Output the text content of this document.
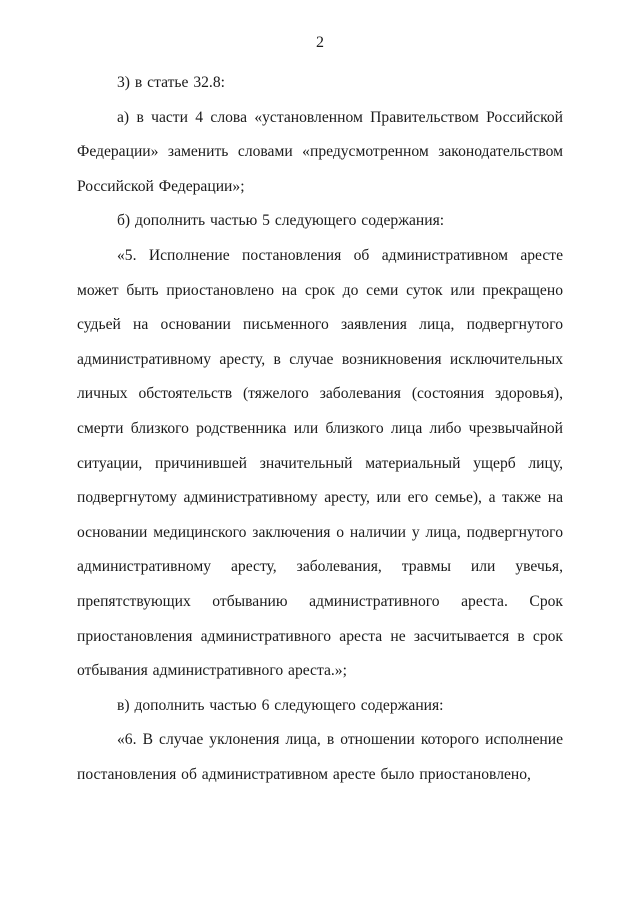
2

3) в статье 32.8:

а) в части 4 слова «установленном Правительством Российской Федерации» заменить словами «предусмотренном законодательством Российской Федерации»;

б) дополнить частью 5 следующего содержания:

«5. Исполнение постановления об административном аресте может быть приостановлено на срок до семи суток или прекращено судьей на основании письменного заявления лица, подвергнутого административному аресту, в случае возникновения исключительных личных обстоятельств (тяжелого заболевания (состояния здоровья), смерти близкого родственника или близкого лица либо чрезвычайной ситуации, причинившей значительный материальный ущерб лицу, подвергнутому административному аресту, или его семье), а также на основании медицинского заключения о наличии у лица, подвергнутого административному аресту, заболевания, травмы или увечья, препятствующих отбыванию административного ареста. Срок приостановления административного ареста не засчитывается в срок отбывания административного ареста.»;

в) дополнить частью 6 следующего содержания:

«6. В случае уклонения лица, в отношении которого исполнение постановления об административном аресте было приостановлено,
